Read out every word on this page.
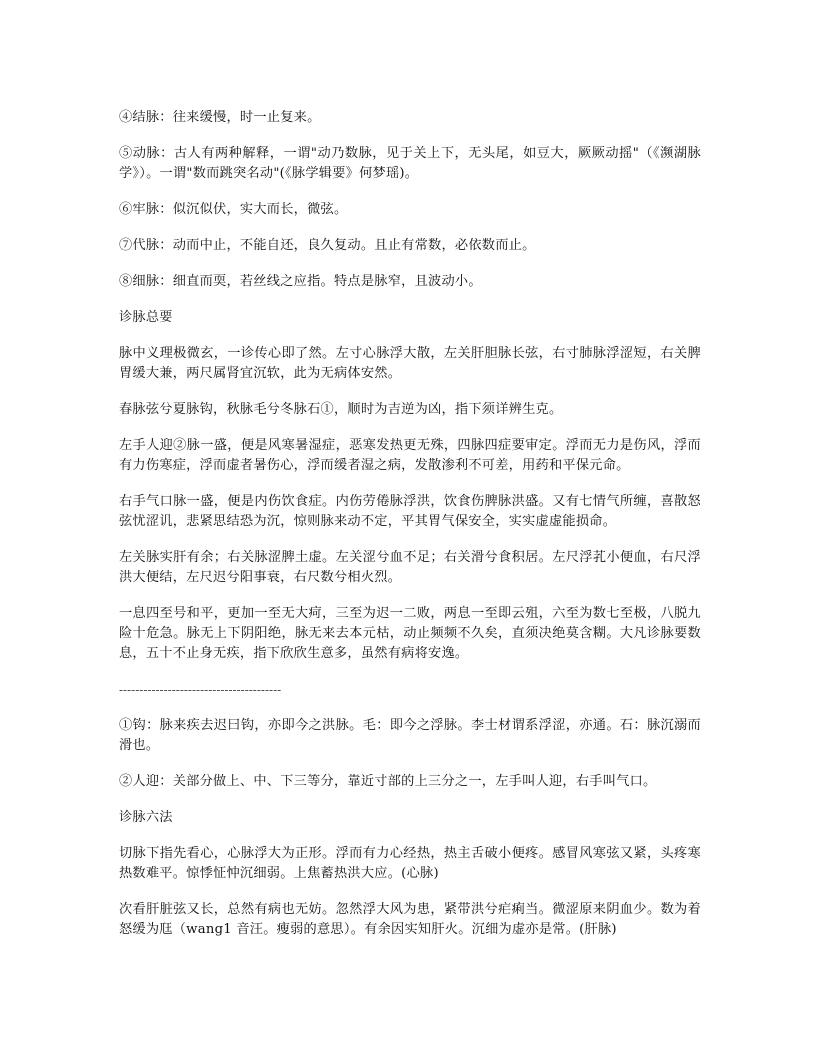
④结脉：往来缓慢，时一止复来。

⑤动脉：古人有两种解释，一谓"动乃数脉，见于关上下，无头尾，如豆大，厥厥动摇"（《濒湖脉学》）。一谓"数而跳突名动"(《脉学辑要》何梦瑶)。

⑥牢脉：似沉似伏，实大而长，微弦。

⑦代脉：动而中止，不能自还，良久复动。且止有常数，必依数而止。

⑧细脉：细直而耎，若丝线之应指。特点是脉窄，且波动小。

诊脉总要

脉中义理极微玄，一诊传心即了然。左寸心脉浮大散，左关肝胆脉长弦，右寸肺脉浮涩短，右关脾胃缓大兼，两尺属肾宜沉软，此为无病体安然。

春脉弦兮夏脉钩，秋脉毛兮冬脉石①，顺时为吉逆为凶，指下须详辨生克。

左手人迎②脉一盛，便是风寒暑湿症，恶寒发热更无殊，四脉四症要审定。浮而无力是伤风，浮而有力伤寒症，浮而虚者暑伤心，浮而缓者湿之病，发散渗利不可差，用药和平保元命。

右手气口脉一盛，便是内伤饮食症。内伤劳倦脉浮洪，饮食伤脾脉洪盛。又有七情气所缠，喜散怒弦忧涩讥，悲紧思结恐为沉，惊则脉来动不定，平其胃气保安全，实实虚虚能损命。

左关脉实肝有余；右关脉涩脾土虚。左关涩兮血不足；右关滑兮食积居。左尺浮芤小便血，右尺浮洪大便结，左尺迟兮阳事衰，右尺数兮相火烈。

一息四至号和平，更加一至无大疴，三至为迟一二败，两息一至即云殂，六至为数七至极，八脱九险十危急。脉无上下阴阳绝，脉无来去本元枯，动止频频不久矣，直须决绝莫含糊。大凡诊脉要数息，五十不止身无疾，指下欣欣生意多，虽然有病将安逸。

----------------------------------------

①钩：脉来疾去迟曰钩，亦即今之洪脉。毛：即今之浮脉。李士材谓系浮涩，亦通。石：脉沉溺而滑也。

②人迎：关部分做上、中、下三等分，靠近寸部的上三分之一，左手叫人迎，右手叫气口。

诊脉六法

切脉下指先看心，心脉浮大为正形。浮而有力心经热，热主舌破小便疼。感冒风寒弦又紧，头疼寒热数难平。惊悸怔忡沉细弱。上焦蓄热洪大应。(心脉)

次看肝脏弦又长，总然有病也无妨。忽然浮大风为患，紧带洪兮疟痢当。微涩原来阴血少。数为着怒缓为尫（wang1 音汪。瘦弱的意思）。有余因实知肝火。沉细为虚亦是常。(肝脉)
